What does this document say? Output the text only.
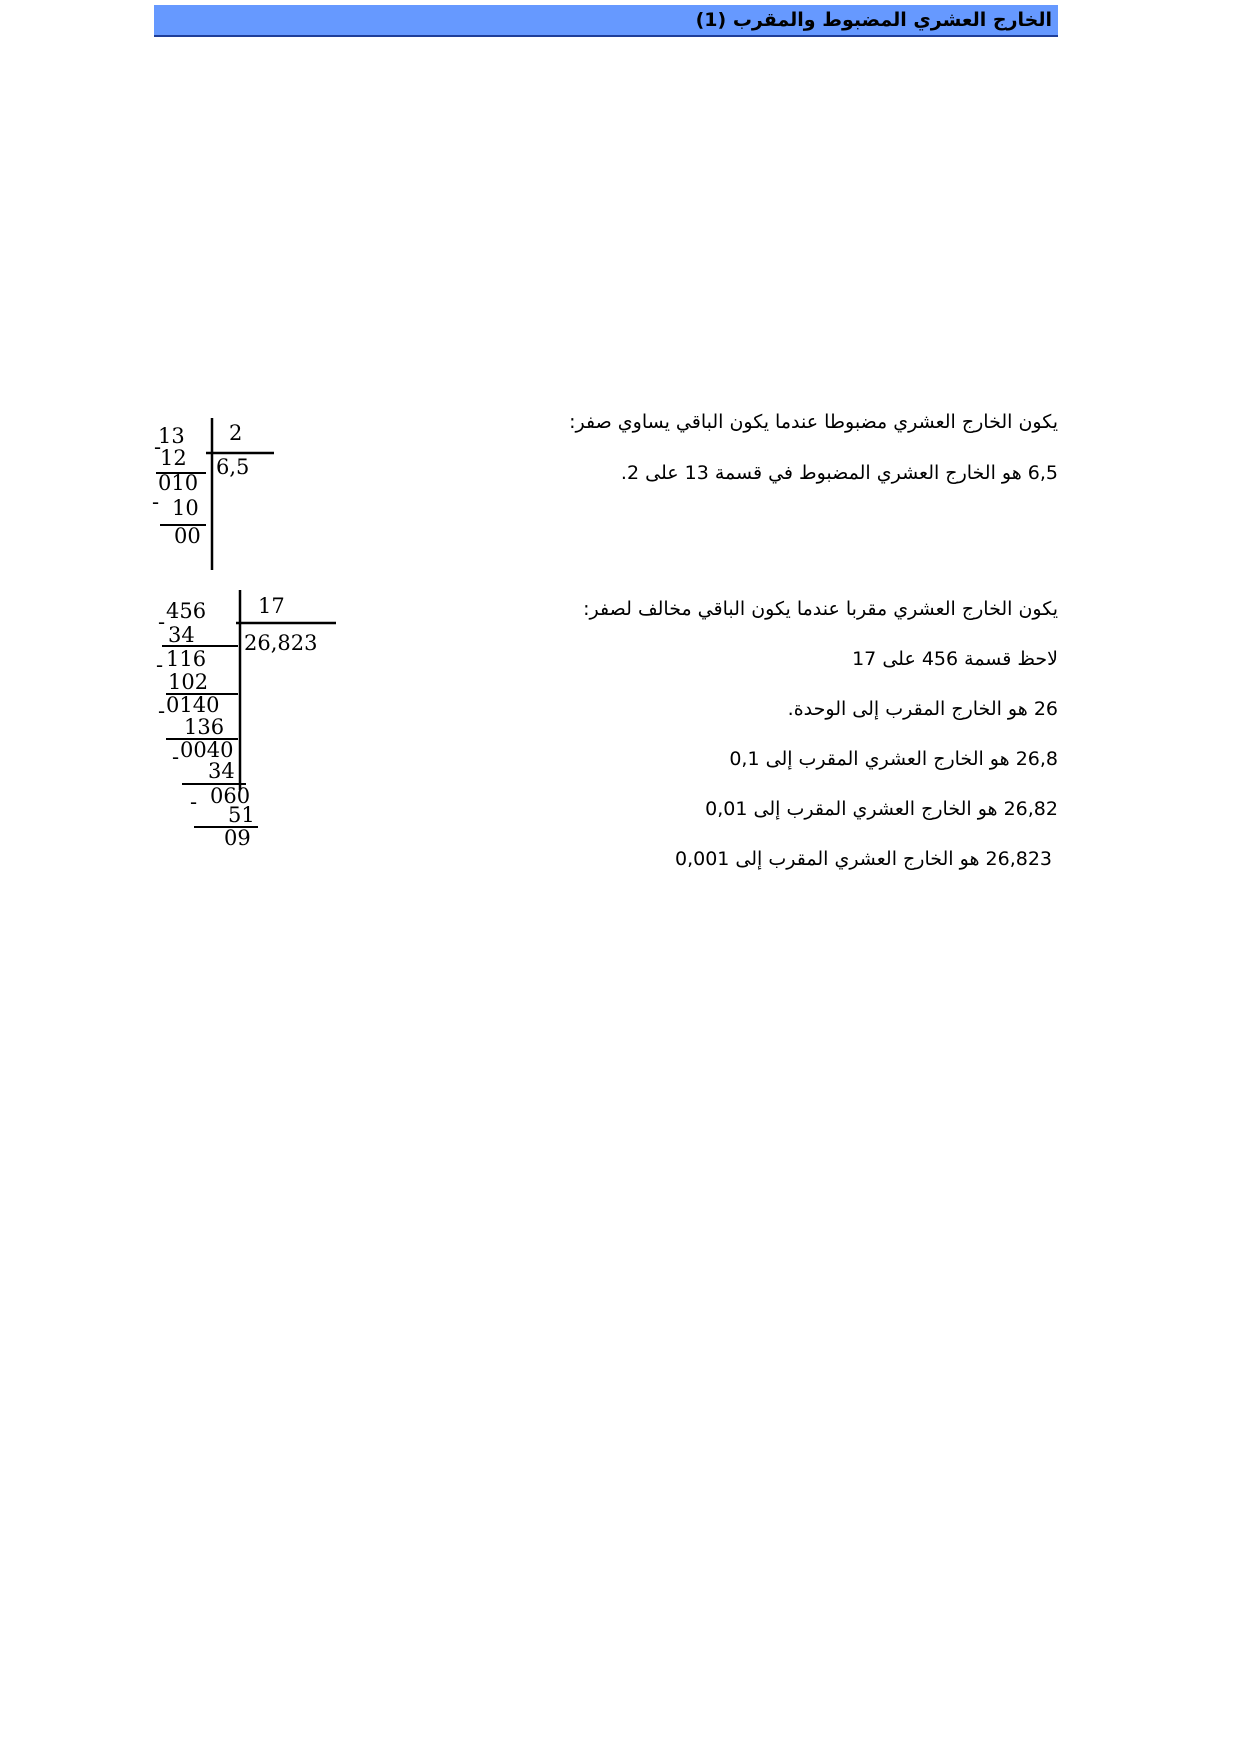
الخارج العشري المضبوط والمقرب (1)
يكون الخارج العشري مضبوطا عندما يكون الباقي يساوي صفر:
6,5 هو الخارج العشري المضبوط في قسمة 13 على 2.
يكون الخارج العشري مقربا عندما يكون الباقي مخالف لصفر:
لاحظ قسمة 456 على 17
26 هو الخارج المقرب إلى الوحدة.
26,8 هو الخارج العشري المقرب إلى 0,1
26,82 هو الخارج العشري المقرب إلى 0,01
26,823 هو الخارج العشري المقرب إلى 0,001
13 2
-
12 6,5
010
- 10
00
456 17
-
34 26,823
116
-
102
0140
-
136
0040
-
34
060
-
51
09
